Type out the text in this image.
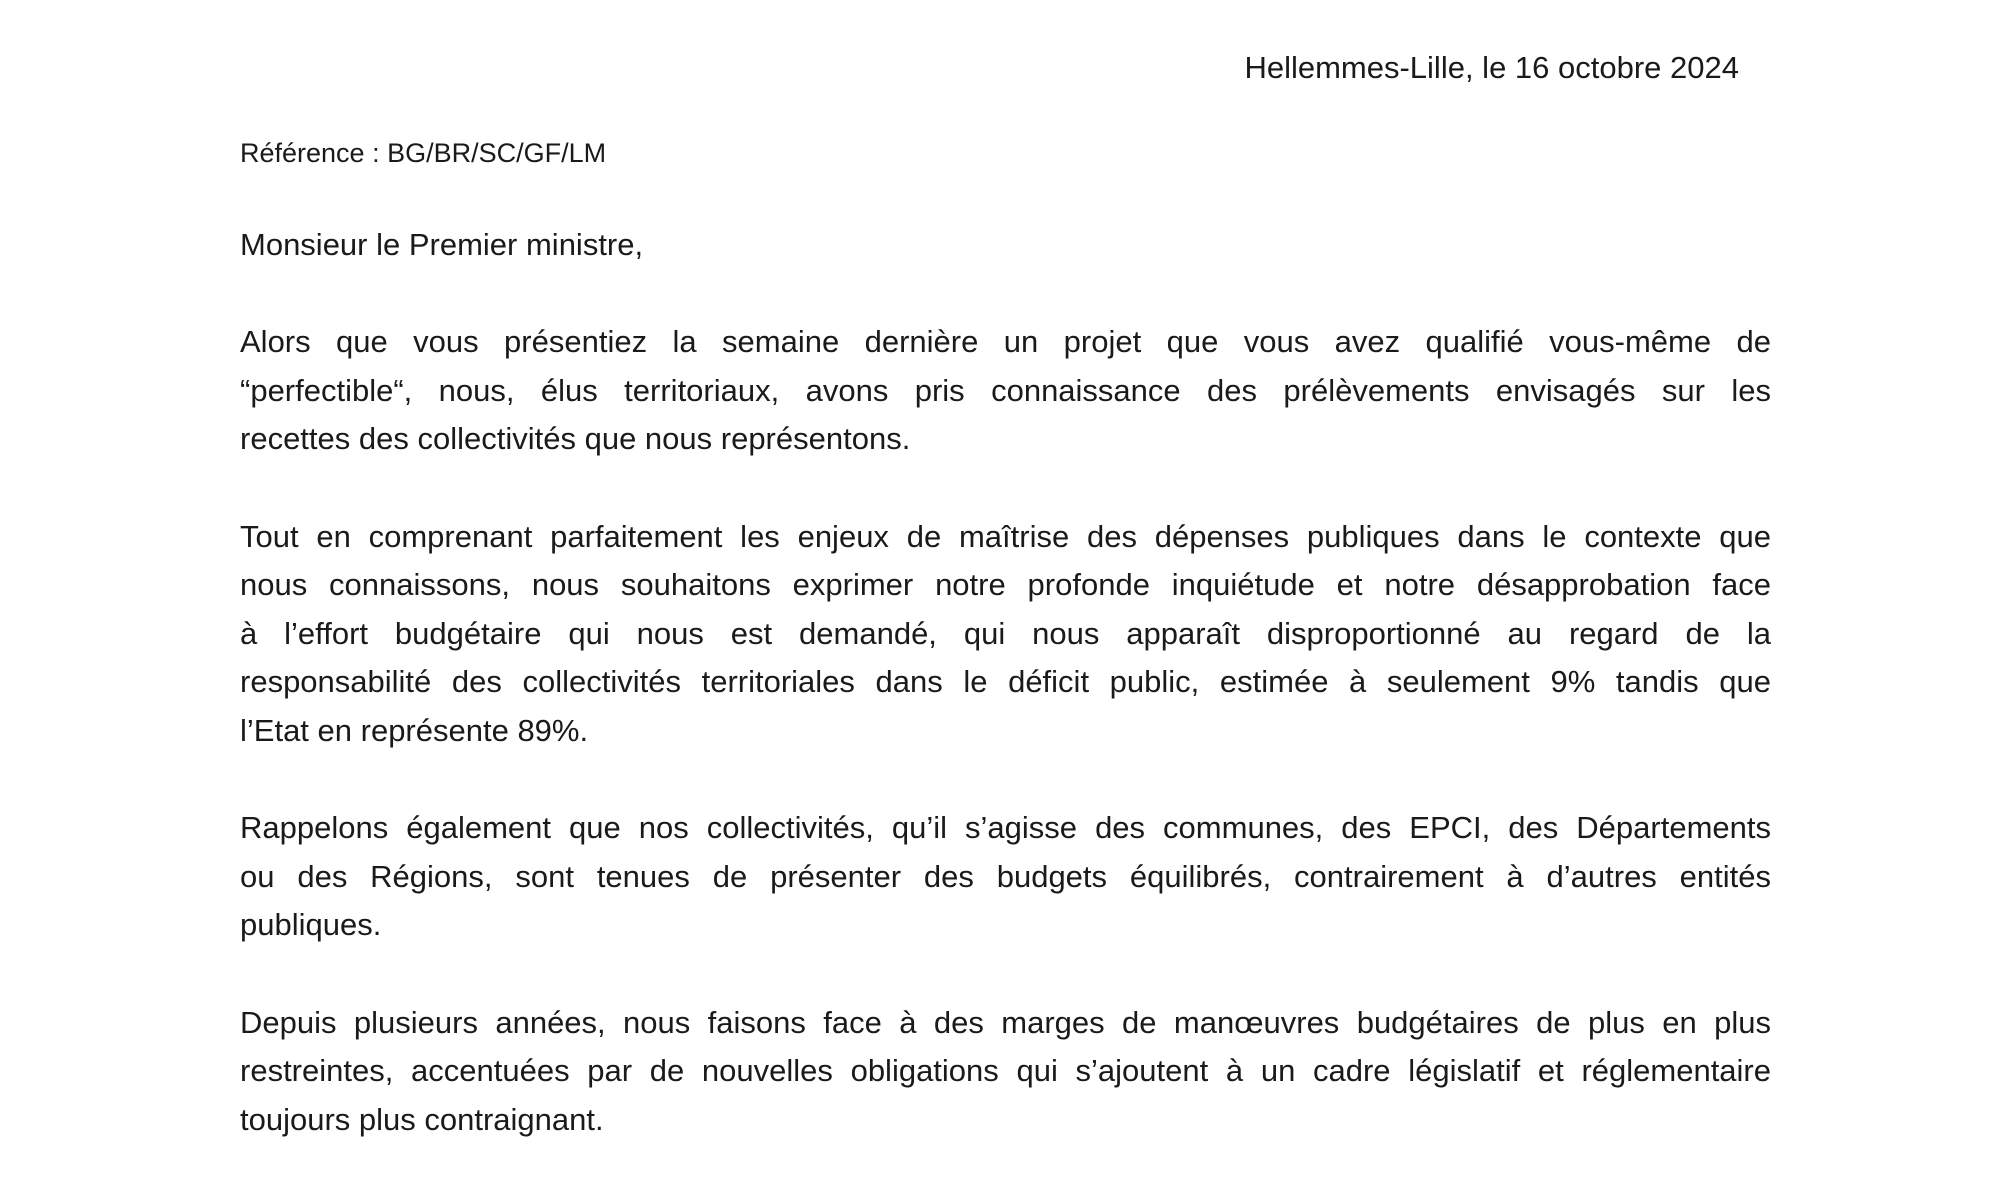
Hellemmes-Lille, le 16 octobre 2024
Référence : BG/BR/SC/GF/LM
Monsieur le Premier ministre,

Alors que vous présentiez la semaine dernière un projet que vous avez qualifié vous-même de
“perfectible“, nous, élus territoriaux, avons pris connaissance des prélèvements envisagés sur les
recettes des collectivités que nous représentons.

Tout en comprenant parfaitement les enjeux de maîtrise des dépenses publiques dans le contexte que
nous connaissons, nous souhaitons exprimer notre profonde inquiétude et notre désapprobation face
à l’effort budgétaire qui nous est demandé, qui nous apparaît disproportionné au regard de la
responsabilité des collectivités territoriales dans le déficit public, estimée à seulement 9% tandis que
l’Etat en représente 89%.

Rappelons également que nos collectivités, qu’il s’agisse des communes, des EPCI, des Départements
ou des Régions, sont tenues de présenter des budgets équilibrés, contrairement à d’autres entités
publiques.

Depuis plusieurs années, nous faisons face à des marges de manœuvres budgétaires de plus en plus
restreintes, accentuées par de nouvelles obligations qui s’ajoutent à un cadre législatif et réglementaire
toujours plus contraignant.
